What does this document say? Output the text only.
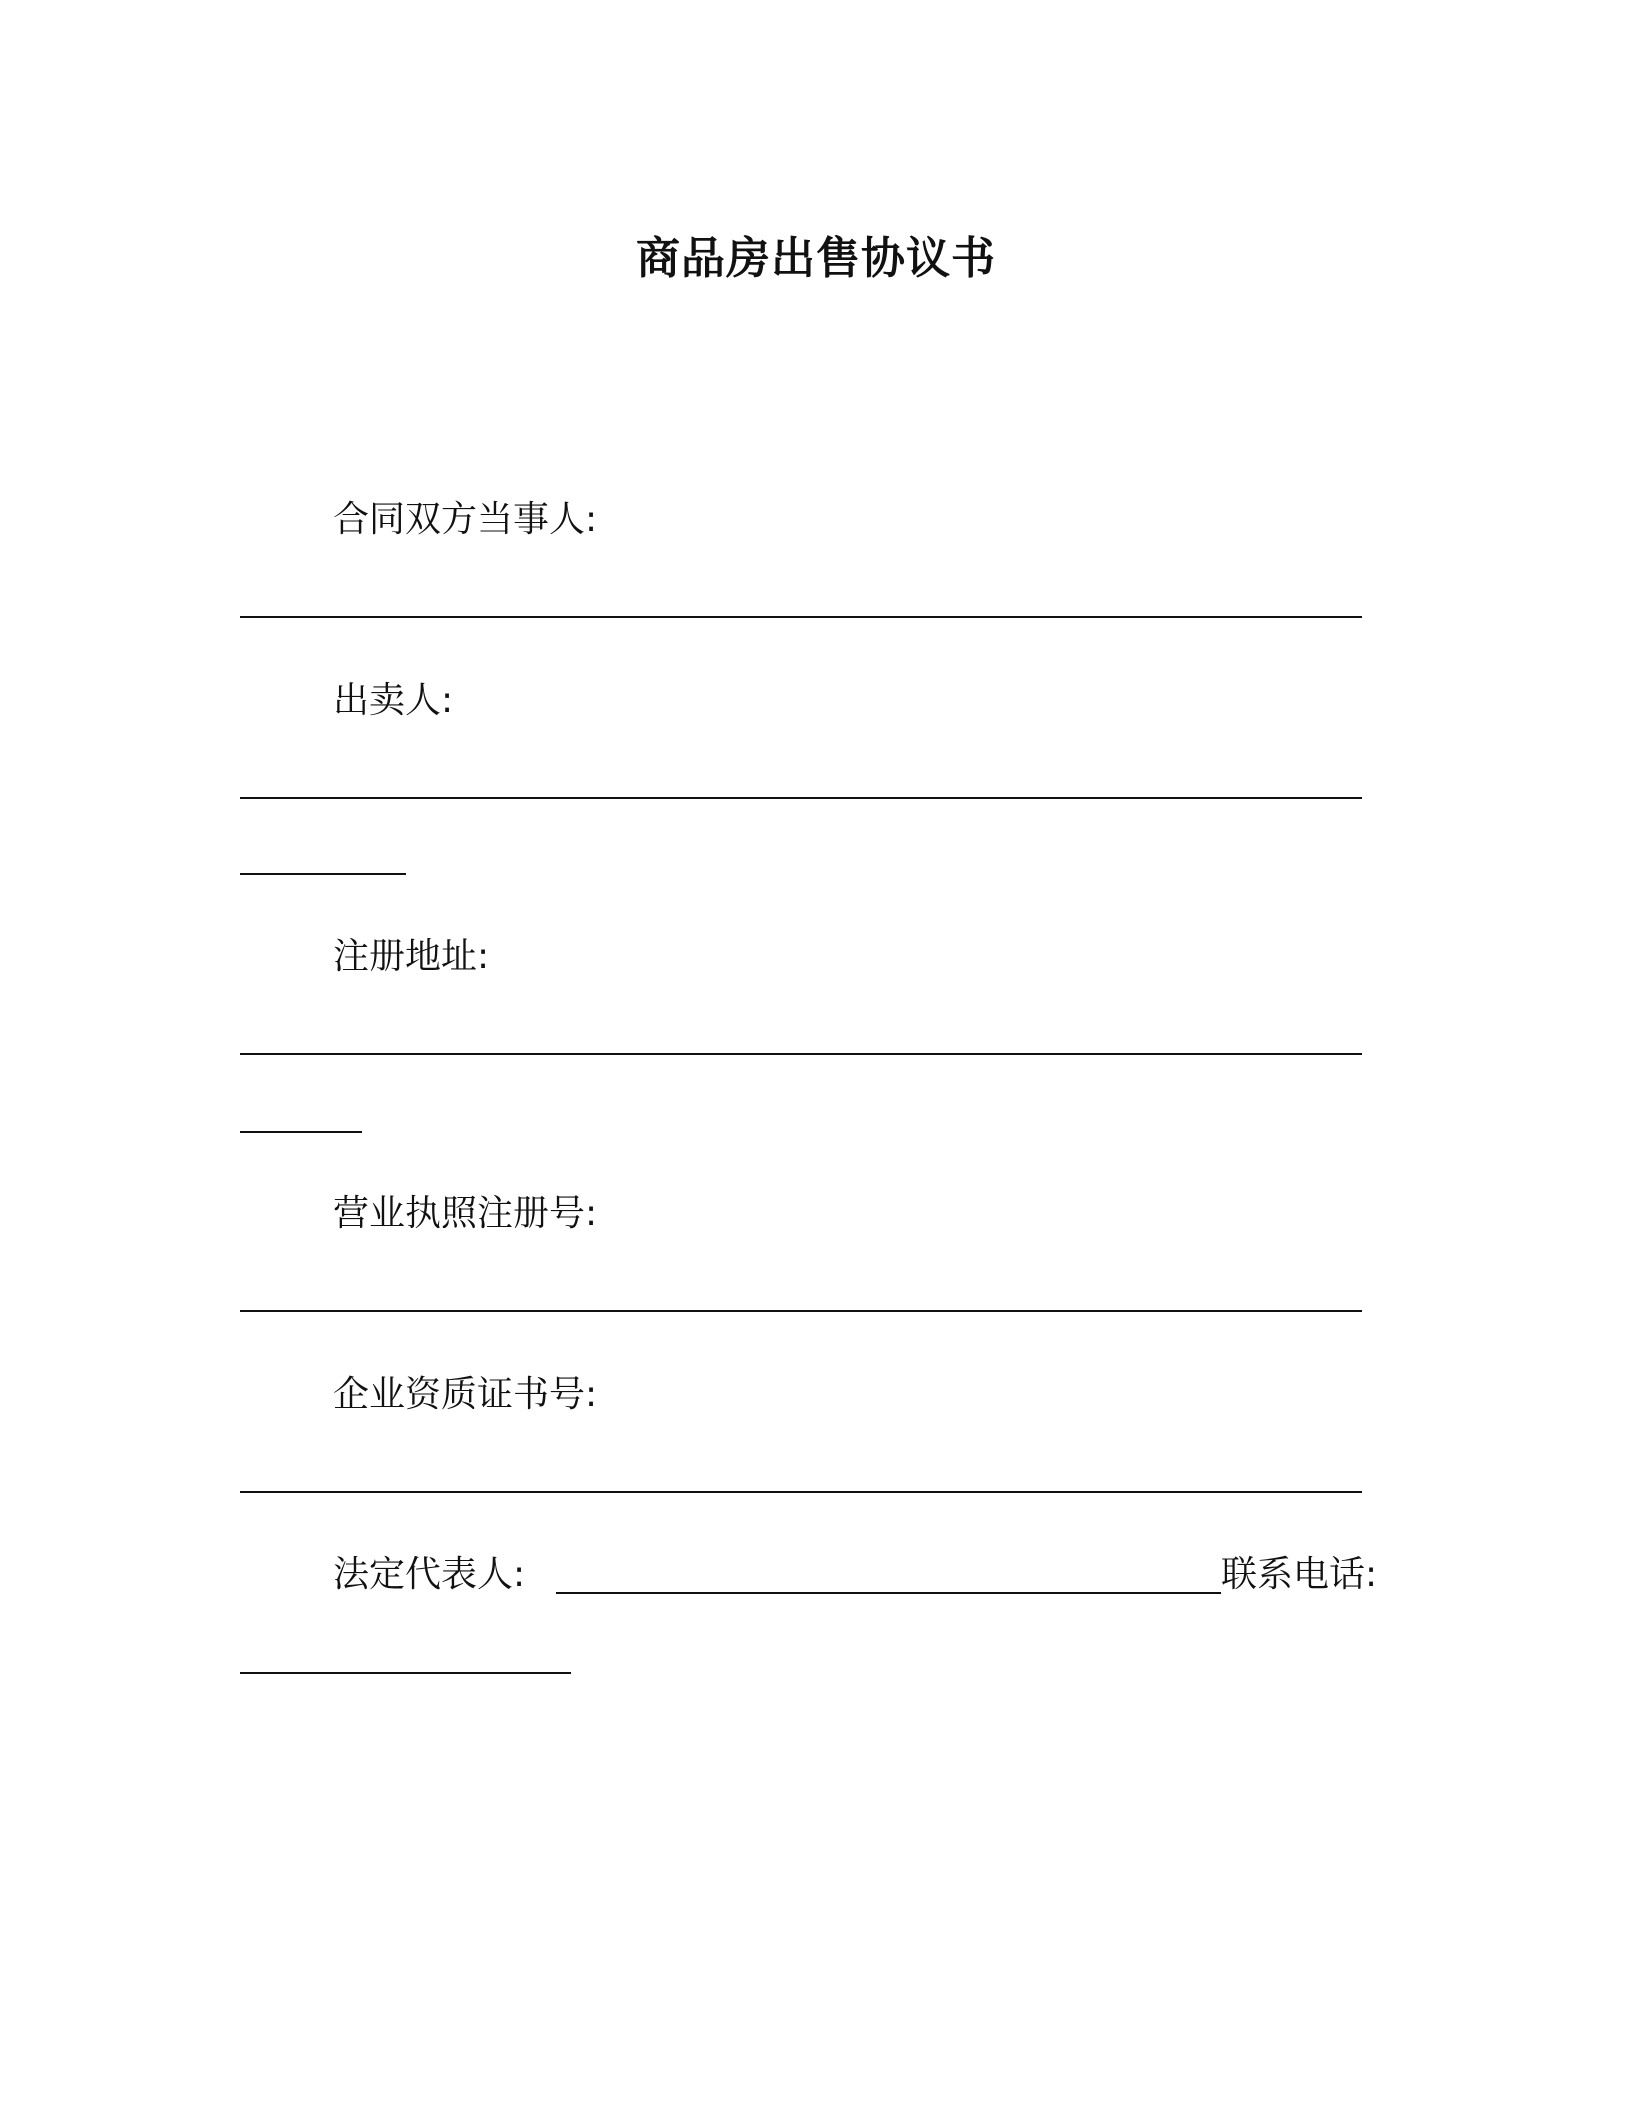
商品房出售协议书
合同双方当事人:
出卖人:
注册地址:
营业执照注册号:
企业资质证书号:
法定代表人:	联系电话:
